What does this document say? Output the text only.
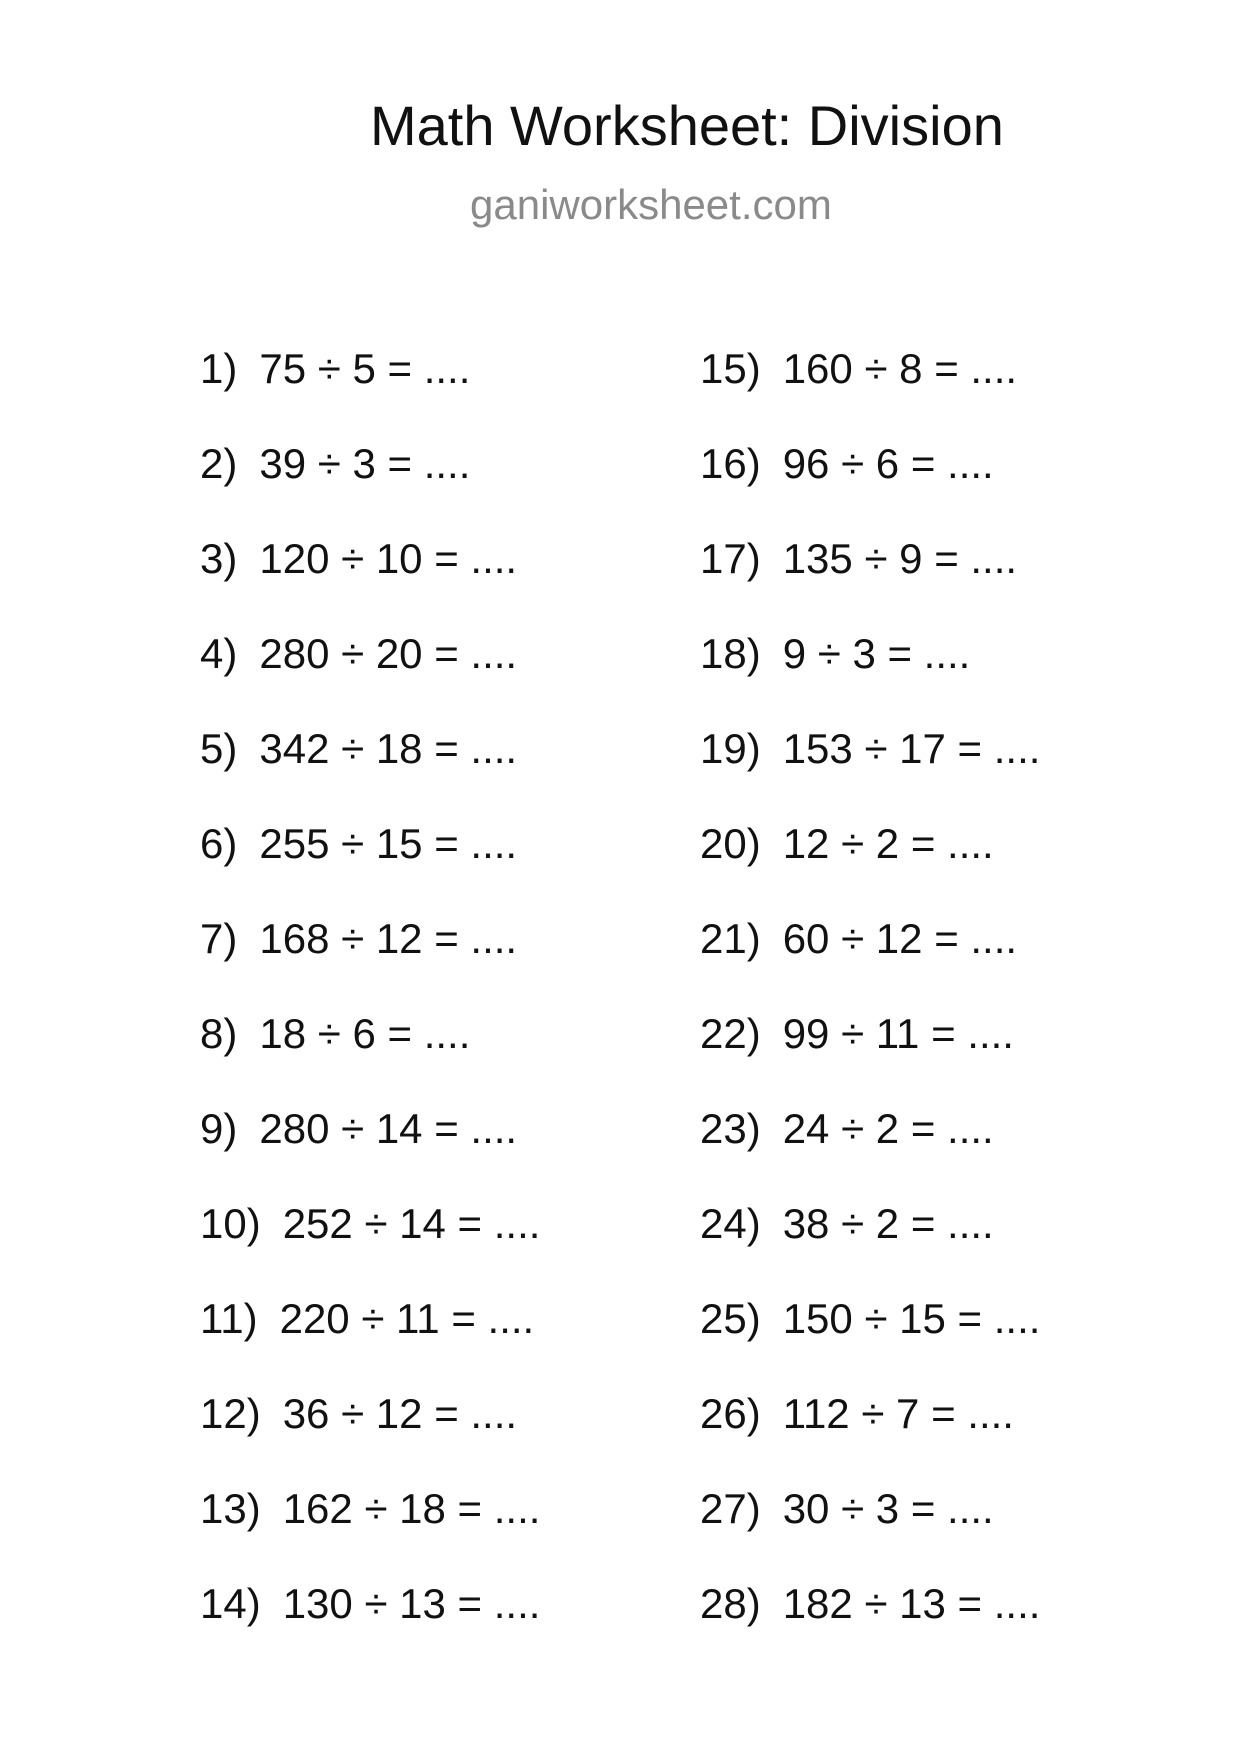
Math Worksheet: Division
ganiworksheet.com
1) 75 ÷ 5 = ....
2) 39 ÷ 3 = ....
3) 120 ÷ 10 = ....
4) 280 ÷ 20 = ....
5) 342 ÷ 18 = ....
6) 255 ÷ 15 = ....
7) 168 ÷ 12 = ....
8) 18 ÷ 6 = ....
9) 280 ÷ 14 = ....
10) 252 ÷ 14 = ....
11) 220 ÷ 11 = ....
12) 36 ÷ 12 = ....
13) 162 ÷ 18 = ....
14) 130 ÷ 13 = ....
15) 160 ÷ 8 = ....
16) 96 ÷ 6 = ....
17) 135 ÷ 9 = ....
18) 9 ÷ 3 = ....
19) 153 ÷ 17 = ....
20) 12 ÷ 2 = ....
21) 60 ÷ 12 = ....
22) 99 ÷ 11 = ....
23) 24 ÷ 2 = ....
24) 38 ÷ 2 = ....
25) 150 ÷ 15 = ....
26) 112 ÷ 7 = ....
27) 30 ÷ 3 = ....
28) 182 ÷ 13 = ....
